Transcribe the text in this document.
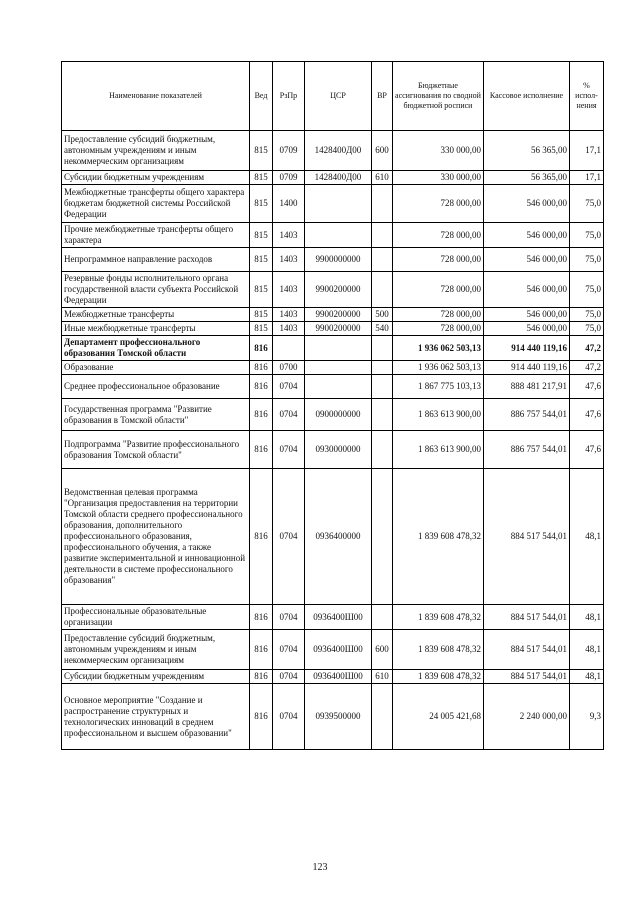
Наименование показателей	Вед	РзПр	ЦСР	ВР	Бюджетные ассигнования по сводной бюджетной росписи	Кассовое исполнение	% испол-нения
Предоставление субсидий бюджетным, автономным учреждениям и иным некоммерческим организациям	815	0709	1428400Д00	600	330 000,00	56 365,00	17,1
Субсидии бюджетным учреждениям	815	0709	1428400Д00	610	330 000,00	56 365,00	17,1
Межбюджетные трансферты общего характера бюджетам бюджетной системы Российской Федерации	815	1400			728 000,00	546 000,00	75,0
Прочие межбюджетные трансферты общего характера	815	1403			728 000,00	546 000,00	75,0
Непрограммное направление расходов	815	1403	9900000000		728 000,00	546 000,00	75,0
Резервные фонды исполнительного органа государственной власти субъекта Российской Федерации	815	1403	9900200000		728 000,00	546 000,00	75,0
Межбюджетные трансферты	815	1403	9900200000	500	728 000,00	546 000,00	75,0
Иные межбюджетные трансферты	815	1403	9900200000	540	728 000,00	546 000,00	75,0
Департамент профессионального образования Томской области	816				1 936 062 503,13	914 440 119,16	47,2
Образование	816	0700			1 936 062 503,13	914 440 119,16	47,2
Среднее профессиональное образование	816	0704			1 867 775 103,13	888 481 217,91	47,6
Государственная программа "Развитие образования в Томской области"	816	0704	0900000000		1 863 613 900,00	886 757 544,01	47,6
Подпрограмма "Развитие профессионального образования Томской области"	816	0704	0930000000		1 863 613 900,00	886 757 544,01	47,6
Ведомственная целевая программа "Организация предоставления на территории Томской области среднего профессионального образования, дополнительного профессионального образования, профессионального обучения, а также развитие экспериментальной и инновационной деятельности в системе профессионального образования"	816	0704	0936400000		1 839 608 478,32	884 517 544,01	48,1
Профессиональные образовательные организации	816	0704	0936400Ш00		1 839 608 478,32	884 517 544,01	48,1
Предоставление субсидий бюджетным, автономным учреждениям и иным некоммерческим организациям	816	0704	0936400Ш00	600	1 839 608 478,32	884 517 544,01	48,1
Субсидии бюджетным учреждениям	816	0704	0936400Ш00	610	1 839 608 478,32	884 517 544,01	48,1
Основное мероприятие "Создание и распространение структурных и технологических инноваций в среднем профессиональном и высшем образовании"	816	0704	0939500000		24 005 421,68	2 240 000,00	9,3
123
